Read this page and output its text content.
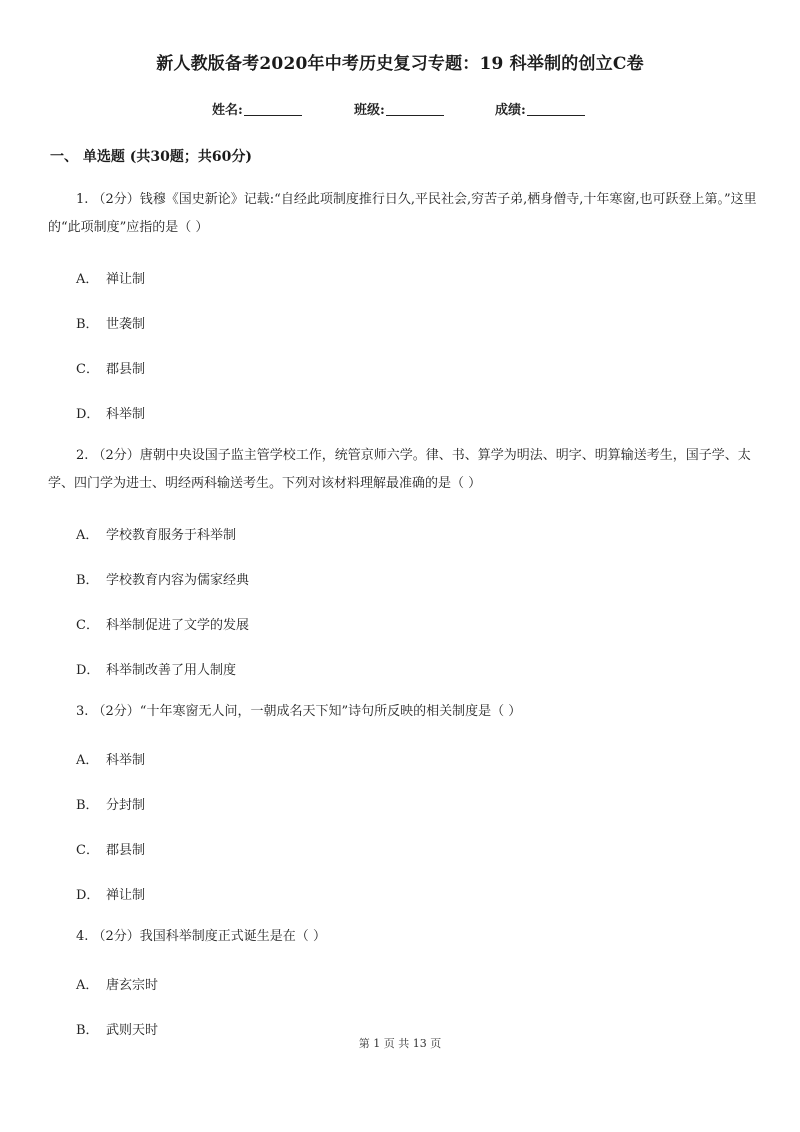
新人教版备考2020年中考历史复习专题：19 科举制的创立C卷
姓名:	班级:	成绩:
一、 单选题 (共30题；共60分)
1. （2分）钱穆《国史新论》记载:“自经此项制度推行日久,平民社会,穷苦子弟,栖身僧寺,十年寒窗,也可跃登上第。”这里的“此项制度”应指的是（ ）
A． 禅让制
B． 世袭制
C． 郡县制
D． 科举制
2. （2分）唐朝中央设国子监主管学校工作，统管京师六学。律、书、算学为明法、明字、明算输送考生，国子学、太学、四门学为进士、明经两科输送考生。下列对该材料理解最准确的是（ ）
A． 学校教育服务于科举制
B． 学校教育内容为儒家经典
C． 科举制促进了文学的发展
D． 科举制改善了用人制度
3. （2分）“十年寒窗无人问，一朝成名天下知”诗句所反映的相关制度是（ ）
A． 科举制
B． 分封制
C． 郡县制
D． 禅让制
4. （2分）我国科举制度正式诞生是在（ ）
A． 唐玄宗时
B． 武则天时
第 1 页 共 13 页
